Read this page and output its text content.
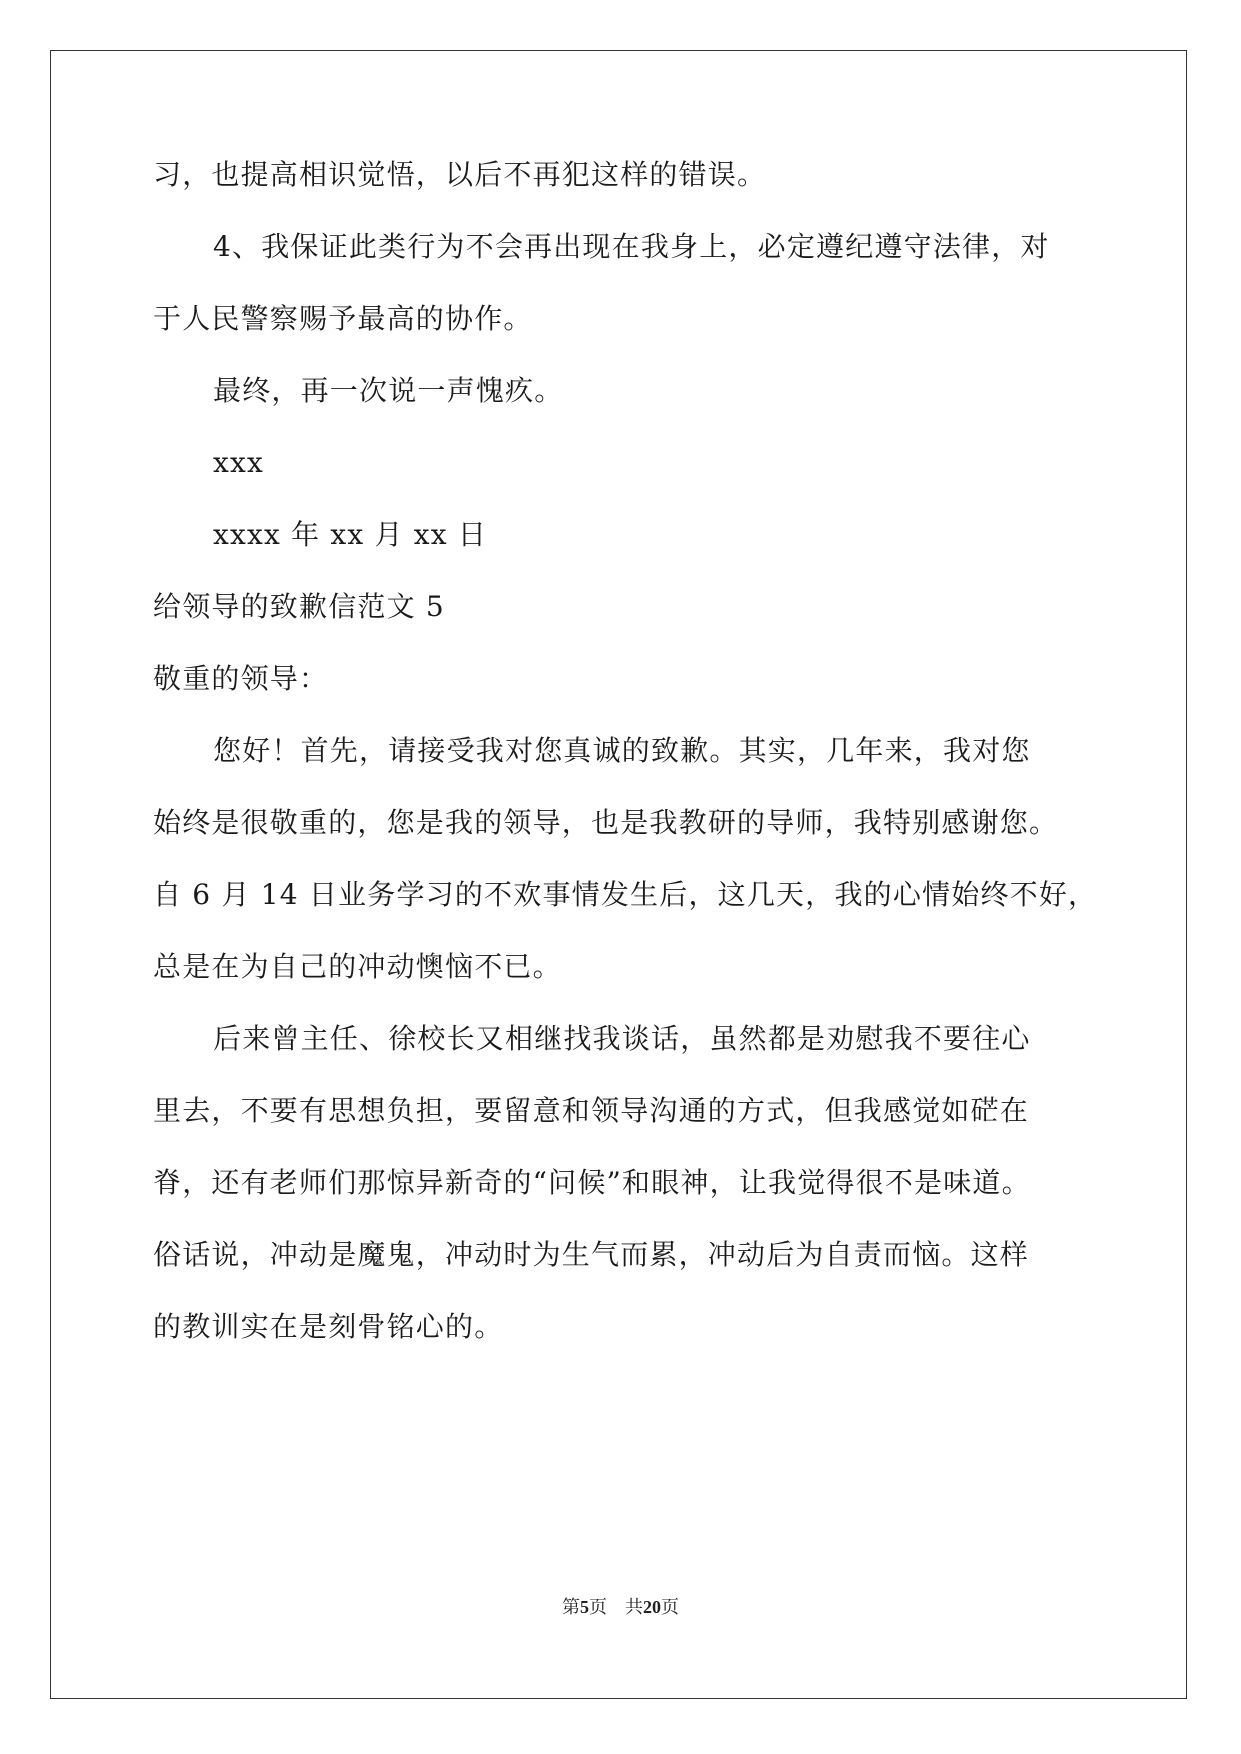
习，也提高相识觉悟，以后不再犯这样的错误。
4、我保证此类行为不会再出现在我身上，必定遵纪遵守法律，对
于人民警察赐予最高的协作。
最终，再一次说一声愧疚。
xxx
xxxx 年 xx 月 xx 日
给领导的致歉信范文 5
敬重的领导：
您好！首先，请接受我对您真诚的致歉。其实，几年来，我对您
始终是很敬重的，您是我的领导，也是我教研的导师，我特别感谢您。
自 6 月 14 日业务学习的不欢事情发生后，这几天，我的心情始终不好，
总是在为自己的冲动懊恼不已。
后来曾主任、徐校长又相继找我谈话，虽然都是劝慰我不要往心
里去，不要有思想负担，要留意和领导沟通的方式，但我感觉如硭在
脊，还有老师们那惊异新奇的“问候”和眼神，让我觉得很不是味道。
俗话说，冲动是魔鬼，冲动时为生气而累，冲动后为自责而恼。这样
的教训实在是刻骨铭心的。
第5页 共20页
